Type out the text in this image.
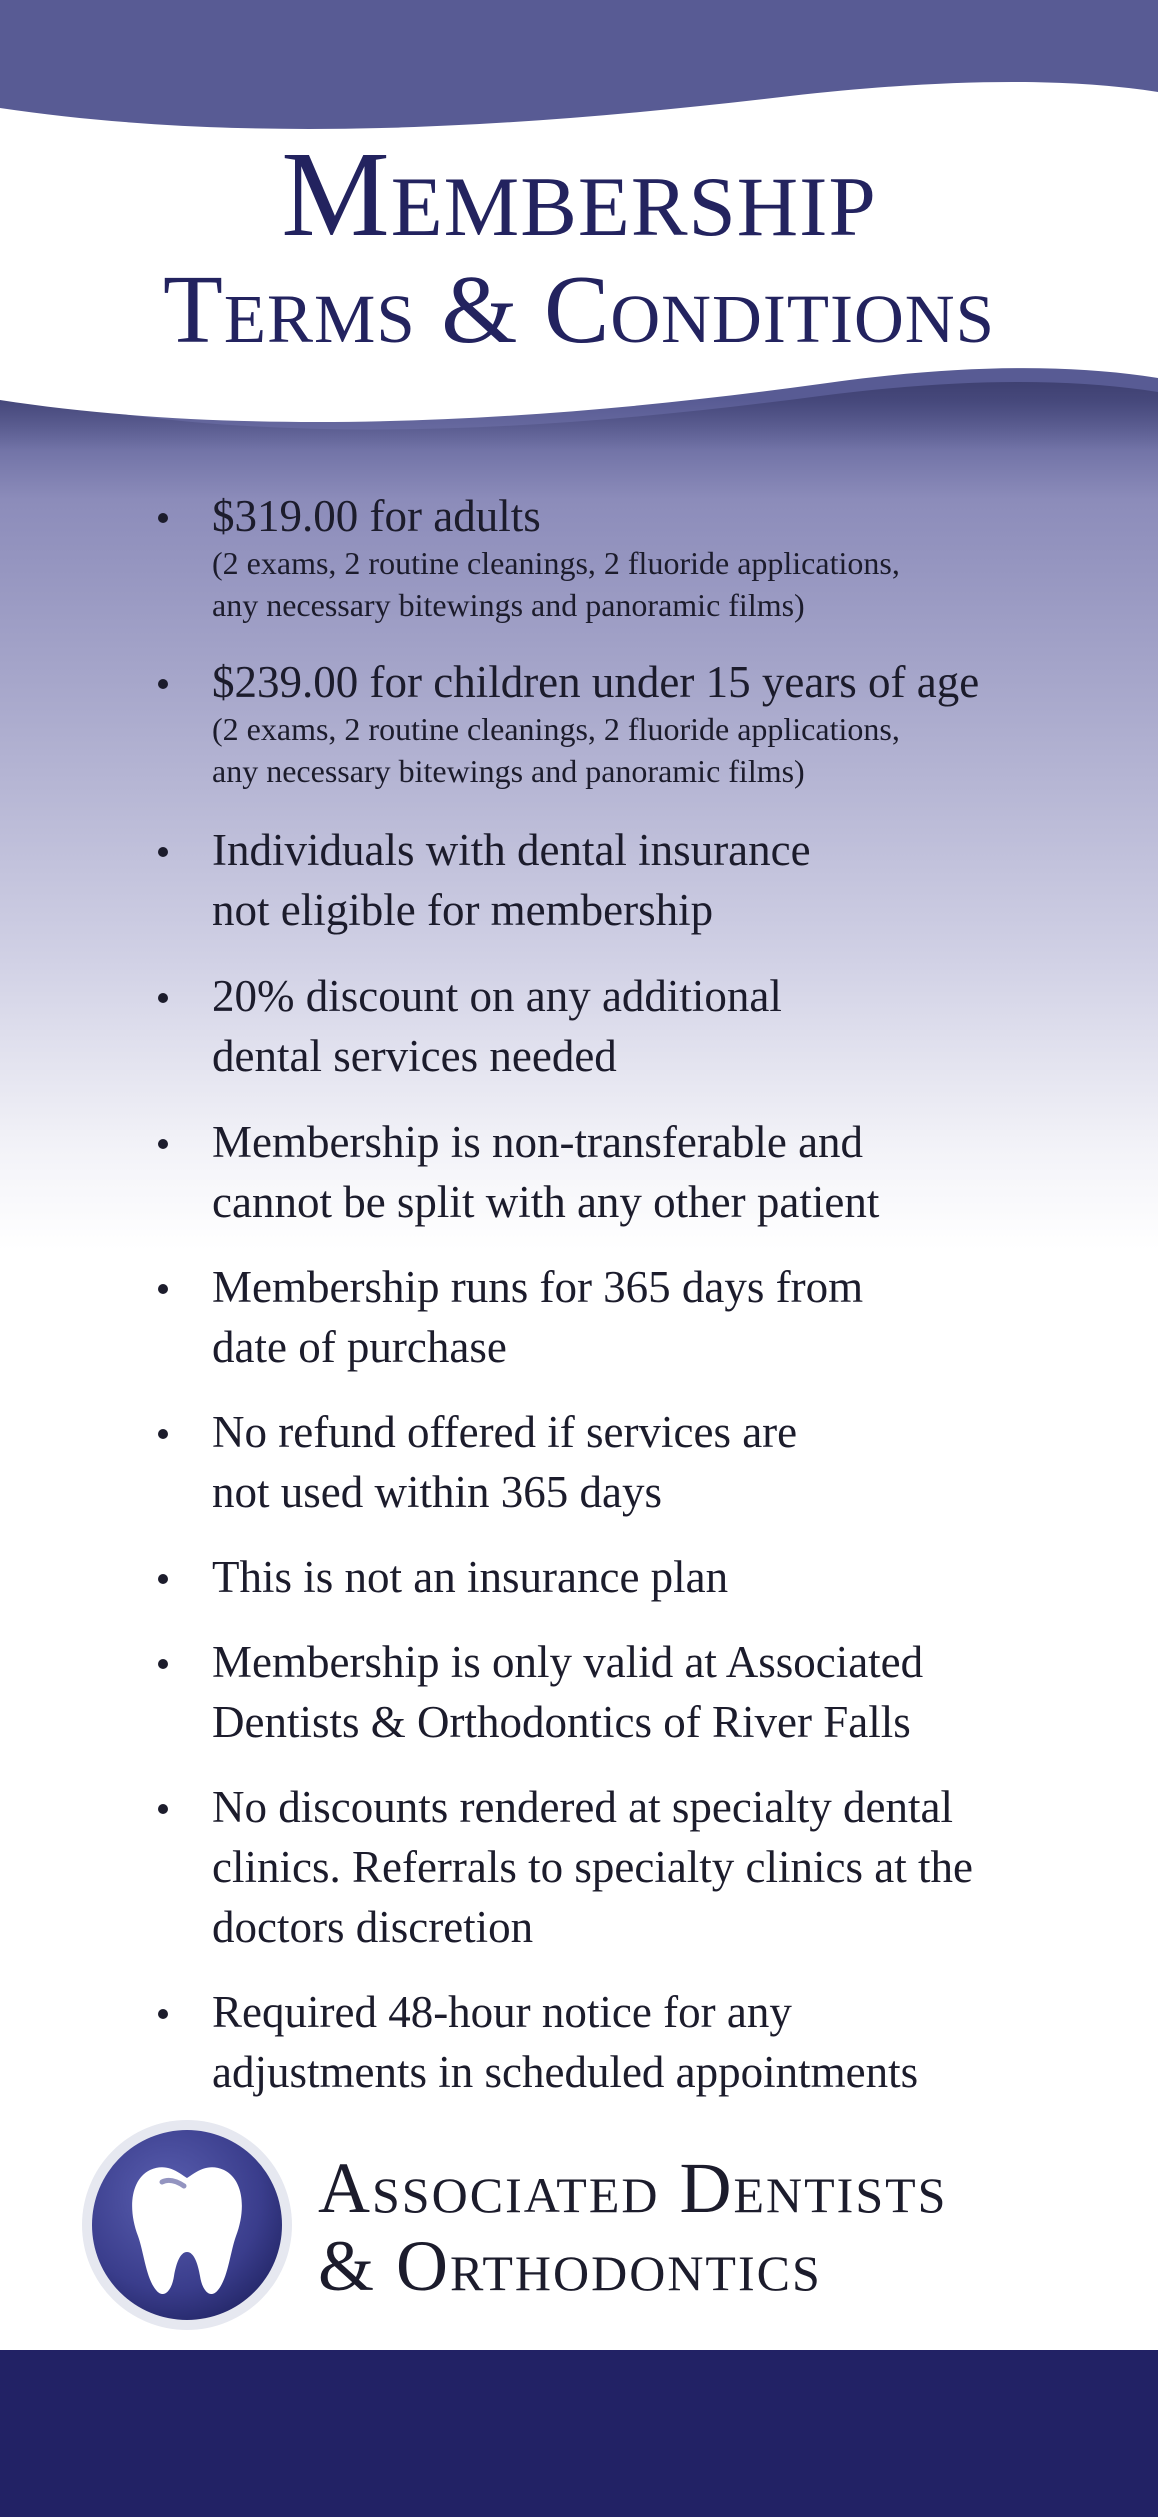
Membership
Terms & Conditions
$319.00 for adults
(2 exams, 2 routine cleanings, 2 fluoride applications,
any necessary bitewings and panoramic films)
$239.00 for children under 15 years of age
(2 exams, 2 routine cleanings, 2 fluoride applications,
any necessary bitewings and panoramic films)
Individuals with dental insurance
not eligible for membership
20% discount on any additional
dental services needed
Membership is non-transferable and
cannot be split with any other patient
Membership runs for 365 days from
date of purchase
No refund offered if services are
not used within 365 days
This is not an insurance plan
Membership is only valid at Associated
Dentists & Orthodontics of River Falls
No discounts rendered at specialty dental
clinics. Referrals to specialty clinics at the
doctors discretion
Required 48-hour notice for any
adjustments in scheduled appointments
Associated Dentists
& Orthodontics
